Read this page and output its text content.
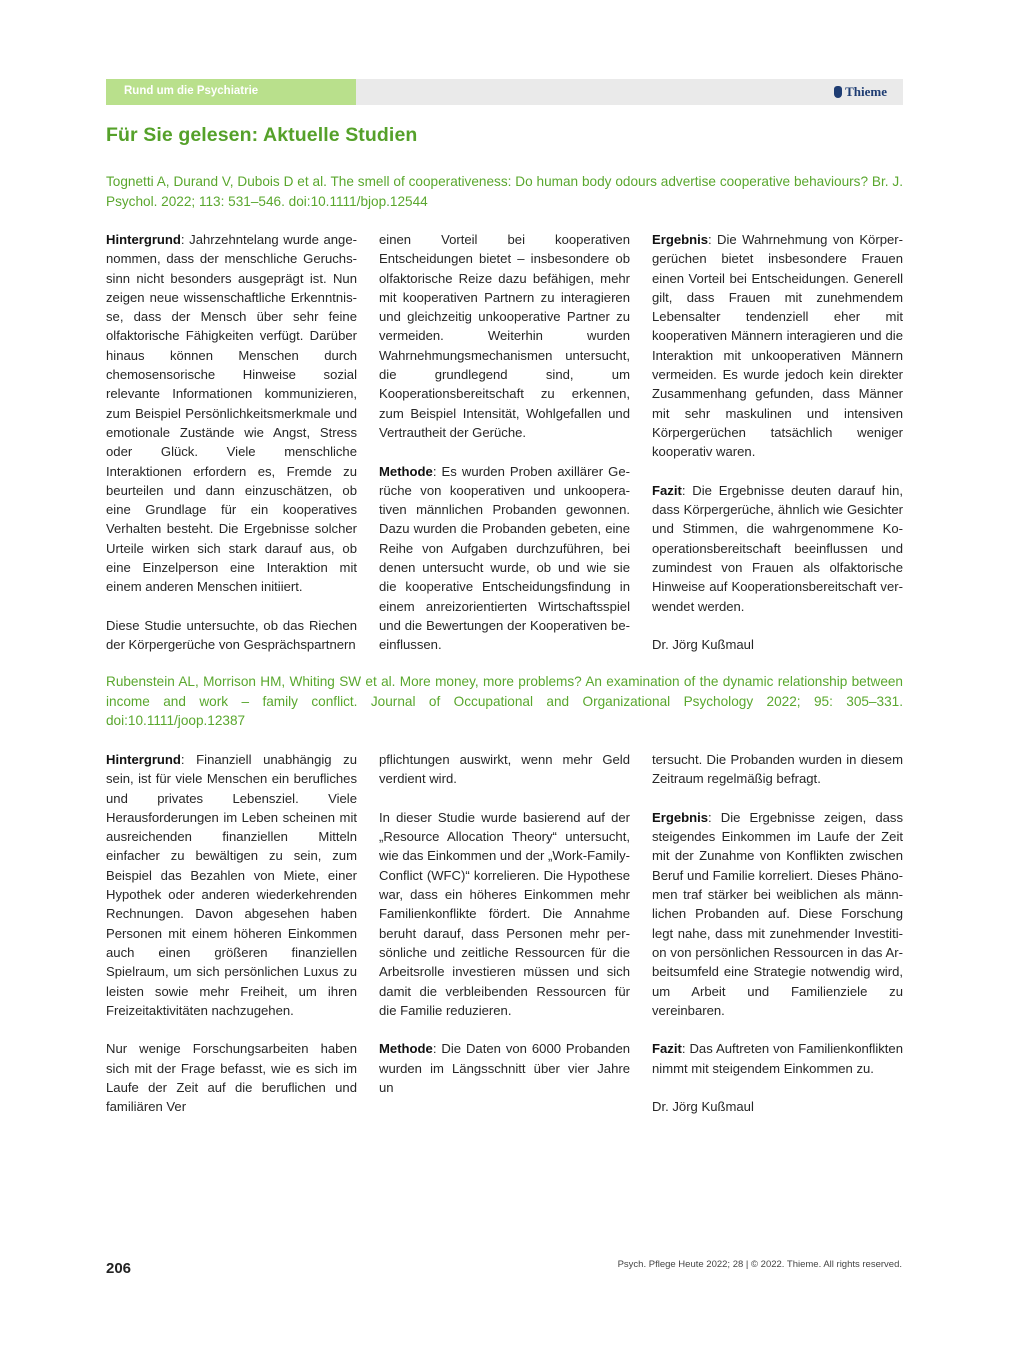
Rund um die Psychiatrie	Thieme
Für Sie gelesen: Aktuelle Studien
Tognetti A, Durand V, Dubois D et al. The smell of cooperativeness: Do human body odours advertise cooperative behaviours? Br. J. Psychol. 2022; 113: 531–546. doi:10.1111/bjop.12544

Hintergrund: Jahrzehntelang wurde angenommen, dass der menschliche Geruchssinn nicht besonders ausgeprägt ist. Nun zeigen neue wissenschaftliche Erkenntnisse, dass der Mensch über sehr feine olfaktorische Fähigkeiten verfügt. Darüber hinaus können Menschen durch chemosensorische Hinweise sozial relevante Informationen kommunizieren, zum Beispiel Persönlichkeitsmerkmale und emotionale Zustände wie Angst, Stress oder Glück. Viele menschliche Interaktionen erfordern es, Fremde zu beurteilen und dann einzuschätzen, ob eine Grundlage für ein kooperatives Verhalten besteht. Die Ergebnisse solcher Urteile wirken sich stark darauf aus, ob eine Einzelperson eine Interaktion mit einem anderen Menschen initiiert.

Diese Studie untersuchte, ob das Riechen der Körpergerüche von Gesprächspartnern

einen Vorteil bei kooperativen Entscheidungen bietet – insbesondere ob olfaktorische Reize dazu befähigen, mehr mit kooperativen Partnern zu interagieren und gleichzeitig unkooperative Partner zu vermeiden. Weiterhin wurden Wahrnehmungsmechanismen untersucht, die grundlegend sind, um Kooperationsbereitschaft zu erkennen, zum Beispiel Intensität, Wohlgefallen und Vertrautheit der Gerüche.

Methode: Es wurden Proben axillärer Gerüche von kooperativen und unkooperativen männlichen Probanden gewonnen. Dazu wurden die Probanden gebeten, eine Reihe von Aufgaben durchzuführen, bei denen untersucht wurde, ob und wie sie die kooperative Entscheidungsfindung in einem anreizorientierten Wirtschaftsspiel und die Bewertungen der Kooperativen beeinflussen.

Ergebnis: Die Wahrnehmung von Körpergerüchen bietet insbesondere Frauen einen Vorteil bei Entscheidungen. Generell gilt, dass Frauen mit zunehmendem Lebensalter tendenziell eher mit kooperativen Männern interagieren und die Interaktion mit unkooperativen Männern vermeiden. Es wurde jedoch kein direkter Zusammenhang gefunden, dass Männer mit sehr maskulinen und intensiven Körpergerüchen tatsächlich weniger kooperativ waren.

Fazit: Die Ergebnisse deuten darauf hin, dass Körpergerüche, ähnlich wie Gesichter und Stimmen, die wahrgenommene Kooperationsbereitschaft beeinflussen und zumindest von Frauen als olfaktorische Hinweise auf Kooperationsbereitschaft verwendet werden.

Dr. Jörg Kußmaul

Rubenstein AL, Morrison HM, Whiting SW et al. More money, more problems? An examination of the dynamic relationship between income and work – family conflict. Journal of Occupational and Organizational Psychology 2022; 95: 305–331. doi:10.1111/joop.12387

Hintergrund: Finanziell unabhängig zu sein, ist für viele Menschen ein berufliches und privates Lebensziel. Viele Herausforderungen im Leben scheinen mit ausreichenden finanziellen Mitteln einfacher zu bewältigen zu sein, zum Beispiel das Bezahlen von Miete, einer Hypothek oder anderen wiederkehrenden Rechnungen. Davon abgesehen haben Personen mit einem höheren Einkommen auch einen größeren finanziellen Spielraum, um sich persönlichen Luxus zu leisten sowie mehr Freiheit, um ihren Freizeitaktivitäten nachzugehen.

Nur wenige Forschungsarbeiten haben sich mit der Frage befasst, wie es sich im Laufe der Zeit auf die beruflichen und familiären Ver

pflichtungen auswirkt, wenn mehr Geld verdient wird.

In dieser Studie wurde basierend auf der „Resource Allocation Theory“ untersucht, wie das Einkommen und der „Work-Family-Conflict (WFC)“ korrelieren. Die Hypothese war, dass ein höheres Einkommen mehr Familienkonflikte fördert. Die Annahme beruht darauf, dass Personen mehr persönliche und zeitliche Ressourcen für die Arbeitsrolle investieren müssen und sich damit die verbleibenden Ressourcen für die Familie reduzieren.

Methode: Die Daten von 6000 Probanden wurden im Längsschnitt über vier Jahre un

tersucht. Die Probanden wurden in diesem Zeitraum regelmäßig befragt.

Ergebnis: Die Ergebnisse zeigen, dass steigendes Einkommen im Laufe der Zeit mit der Zunahme von Konflikten zwischen Beruf und Familie korreliert. Dieses Phänomen traf stärker bei weiblichen als männlichen Probanden auf. Diese Forschung legt nahe, dass mit zunehmender Investition von persönlichen Ressourcen in das Arbeitsumfeld eine Strategie notwendig wird, um Arbeit und Familienziele zu vereinbaren.

Fazit: Das Auftreten von Familienkonflikten nimmt mit steigendem Einkommen zu.

Dr. Jörg Kußmaul

206	Psych. Pflege Heute 2022; 28 | © 2022. Thieme. All rights reserved.
